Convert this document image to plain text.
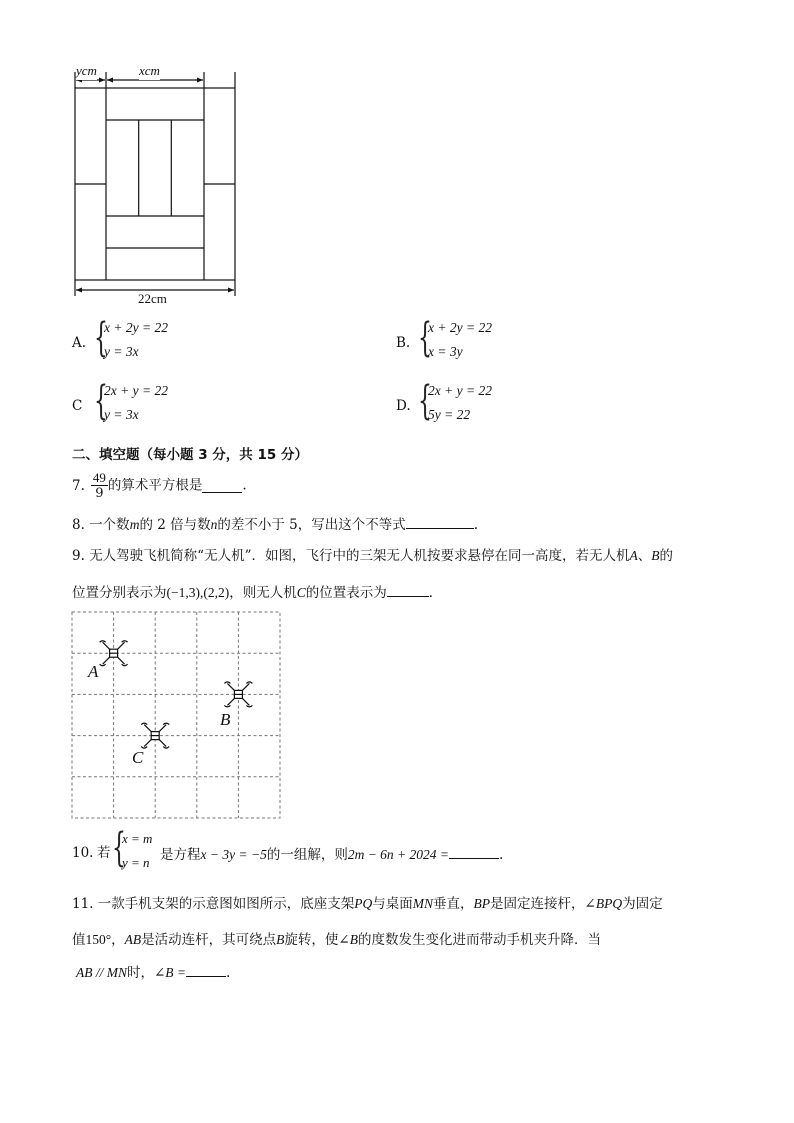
ycm	xcm
22cm
A. {
x + 2y = 22
y = 3x
B. {
x + 2y = 22
x = 3y
C {
2x + y = 22
y = 3x
D. {
2x + y = 22
5y = 22
二、填空题（每小题 3 分，共 15 分）
7. $\frac{49}{9}$ 的算术平方根是	.
8. 一个数m的 2 倍与数n的差不小于 5，写出这个不等式	.
9. 无人驾驶飞机简称“无人机”．如图，飞行中的三架无人机按要求悬停在同一高度，若无人机A、B的
位置分别表示为(−1,3),(2,2)，则无人机C的位置表示为	．
A
B
C
10. 若 {
x = m
y = n 是方程x − 3y = −5的一组解，则2m − 6n + 2024 =	.
11. 一款手机支架的示意图如图所示，底座支架PQ与桌面MN垂直，BP是固定连接杆，∠BPQ为固定
值150°，AB是活动连杆，其可绕点B旋转，使∠B的度数发生变化进而带动手机夹升降．当
AB // MN时，∠B =	.
